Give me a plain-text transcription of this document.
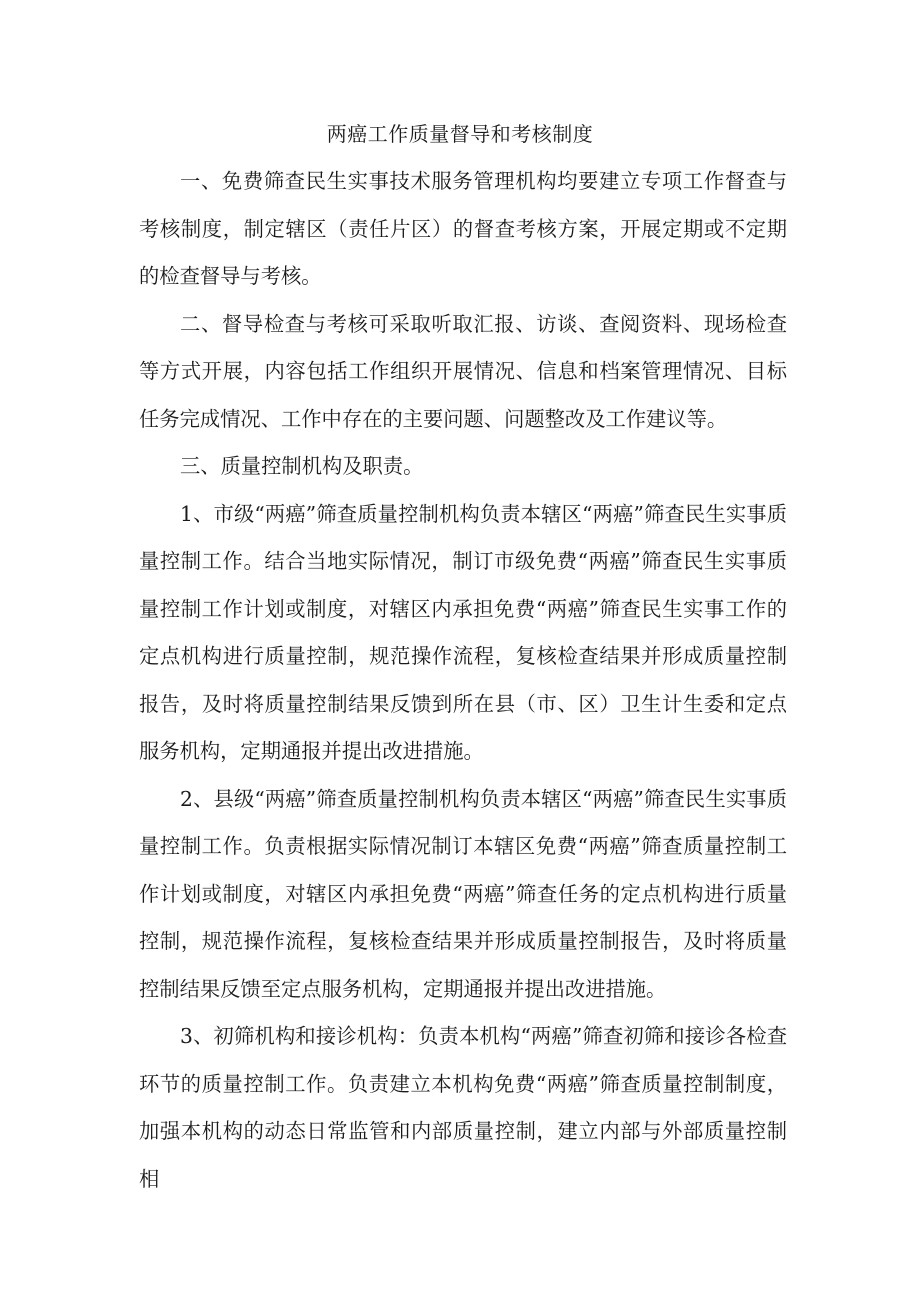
两癌工作质量督导和考核制度

一、免费筛查民生实事技术服务管理机构均要建立专项工作督查与考核制度，制定辖区（责任片区）的督查考核方案，开展定期或不定期的检查督导与考核。

二、督导检查与考核可采取听取汇报、访谈、查阅资料、现场检查等方式开展，内容包括工作组织开展情况、信息和档案管理情况、目标任务完成情况、工作中存在的主要问题、问题整改及工作建议等。

三、质量控制机构及职责。

1、市级“两癌”筛查质量控制机构负责本辖区“两癌”筛查民生实事质量控制工作。结合当地实际情况，制订市级免费“两癌”筛查民生实事质量控制工作计划或制度，对辖区内承担免费“两癌”筛查民生实事工作的定点机构进行质量控制，规范操作流程，复核检查结果并形成质量控制报告，及时将质量控制结果反馈到所在县（市、区）卫生计生委和定点服务机构，定期通报并提出改进措施。

2、县级“两癌”筛查质量控制机构负责本辖区“两癌”筛查民生实事质量控制工作。负责根据实际情况制订本辖区免费“两癌”筛查质量控制工作计划或制度，对辖区内承担免费“两癌”筛查任务的定点机构进行质量控制，规范操作流程，复核检查结果并形成质量控制报告，及时将质量控制结果反馈至定点服务机构，定期通报并提出改进措施。

3、初筛机构和接诊机构：负责本机构“两癌”筛查初筛和接诊各检查环节的质量控制工作。负责建立本机构免费“两癌”筛查质量控制制度，加强本机构的动态日常监管和内部质量控制，建立内部与外部质量控制相
